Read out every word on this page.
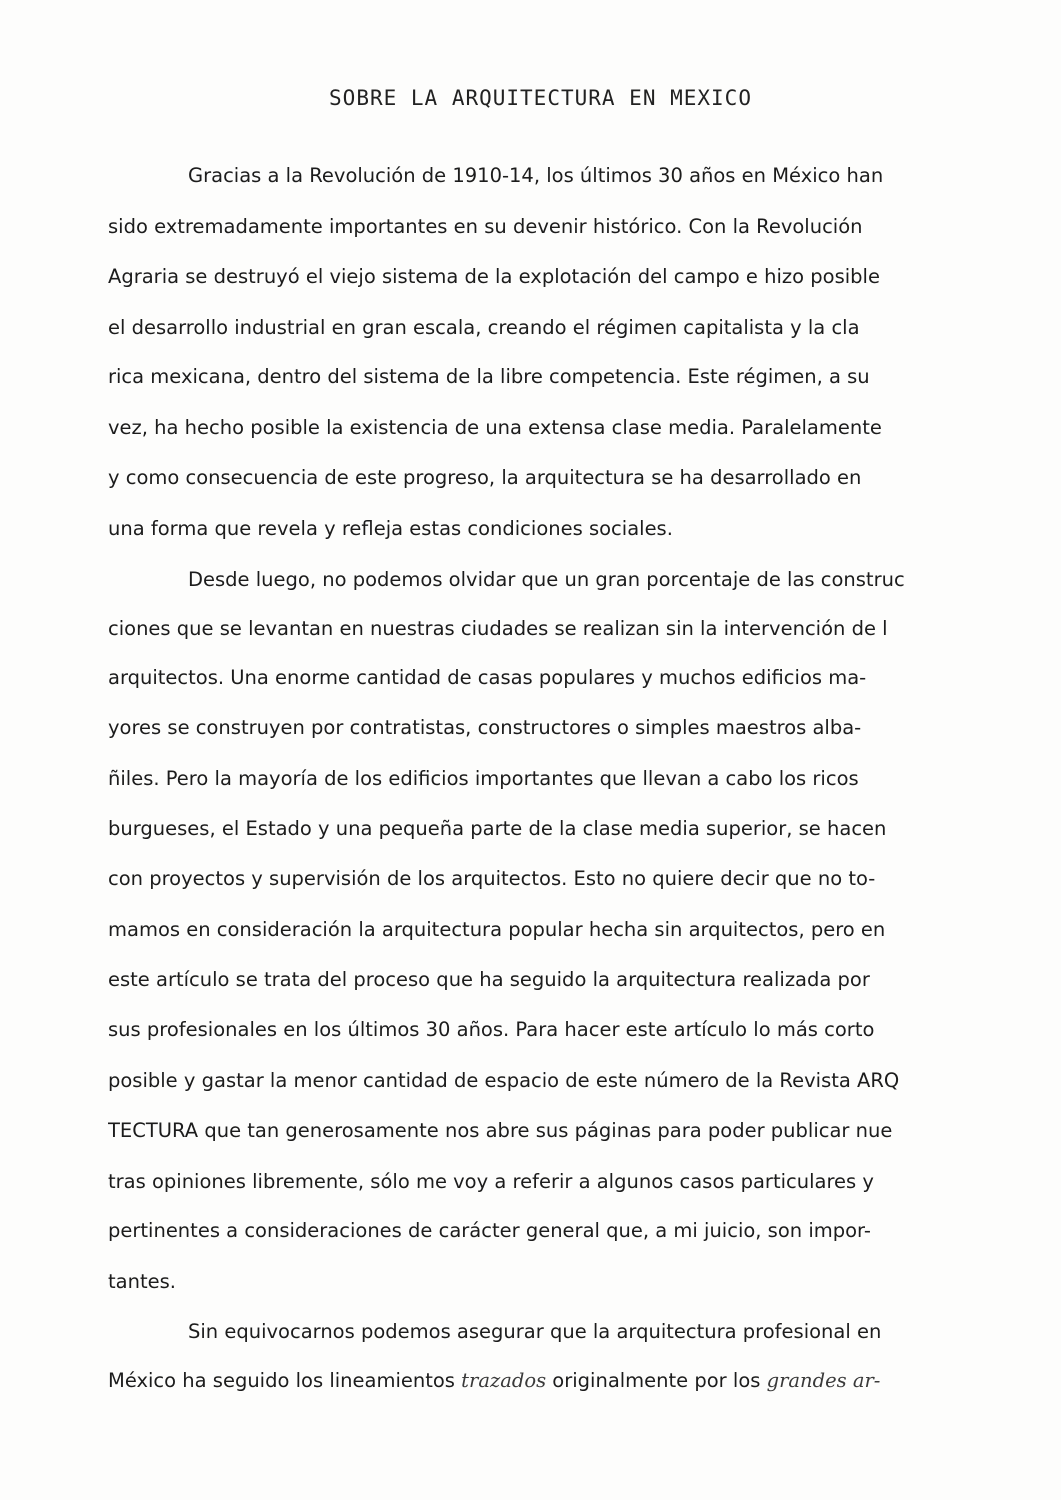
SOBRE LA ARQUITECTURA EN MEXICO
Gracias a la Revolución de 1910-14, los últimos 30 años en México han
sido extremadamente importantes en su devenir histórico. Con la Revolución
Agraria se destruyó el viejo sistema de la explotación del campo e hizo posible
el desarrollo industrial en gran escala, creando el régimen capitalista y la cla
rica mexicana, dentro del sistema de la libre competencia. Este régimen, a su
vez, ha hecho posible la existencia de una extensa clase media. Paralelamente
y como consecuencia de este progreso, la arquitectura se ha desarrollado en
una forma que revela y refleja estas condiciones sociales.
Desde luego, no podemos olvidar que un gran porcentaje de las construc
ciones que se levantan en nuestras ciudades se realizan sin la intervención de l
arquitectos. Una enorme cantidad de casas populares y muchos edificios ma-
yores se construyen por contratistas, constructores o simples maestros alba-
ñiles. Pero la mayoría de los edificios importantes que llevan a cabo los ricos
burgueses, el Estado y una pequeña parte de la clase media superior, se hacen
con proyectos y supervisión de los arquitectos. Esto no quiere decir que no to-
mamos en consideración la arquitectura popular hecha sin arquitectos, pero en
este artículo se trata del proceso que ha seguido la arquitectura realizada por
sus profesionales en los últimos 30 años. Para hacer este artículo lo más corto
posible y gastar la menor cantidad de espacio de este número de la Revista ARQ
TECTURA que tan generosamente nos abre sus páginas para poder publicar nue
tras opiniones libremente, sólo me voy a referir a algunos casos particulares y
pertinentes a consideraciones de carácter general que, a mi juicio, son impor-
tantes.
Sin equivocarnos podemos asegurar que la arquitectura profesional en
México ha seguido los lineamientos trazados originalmente por los grandes ar-
